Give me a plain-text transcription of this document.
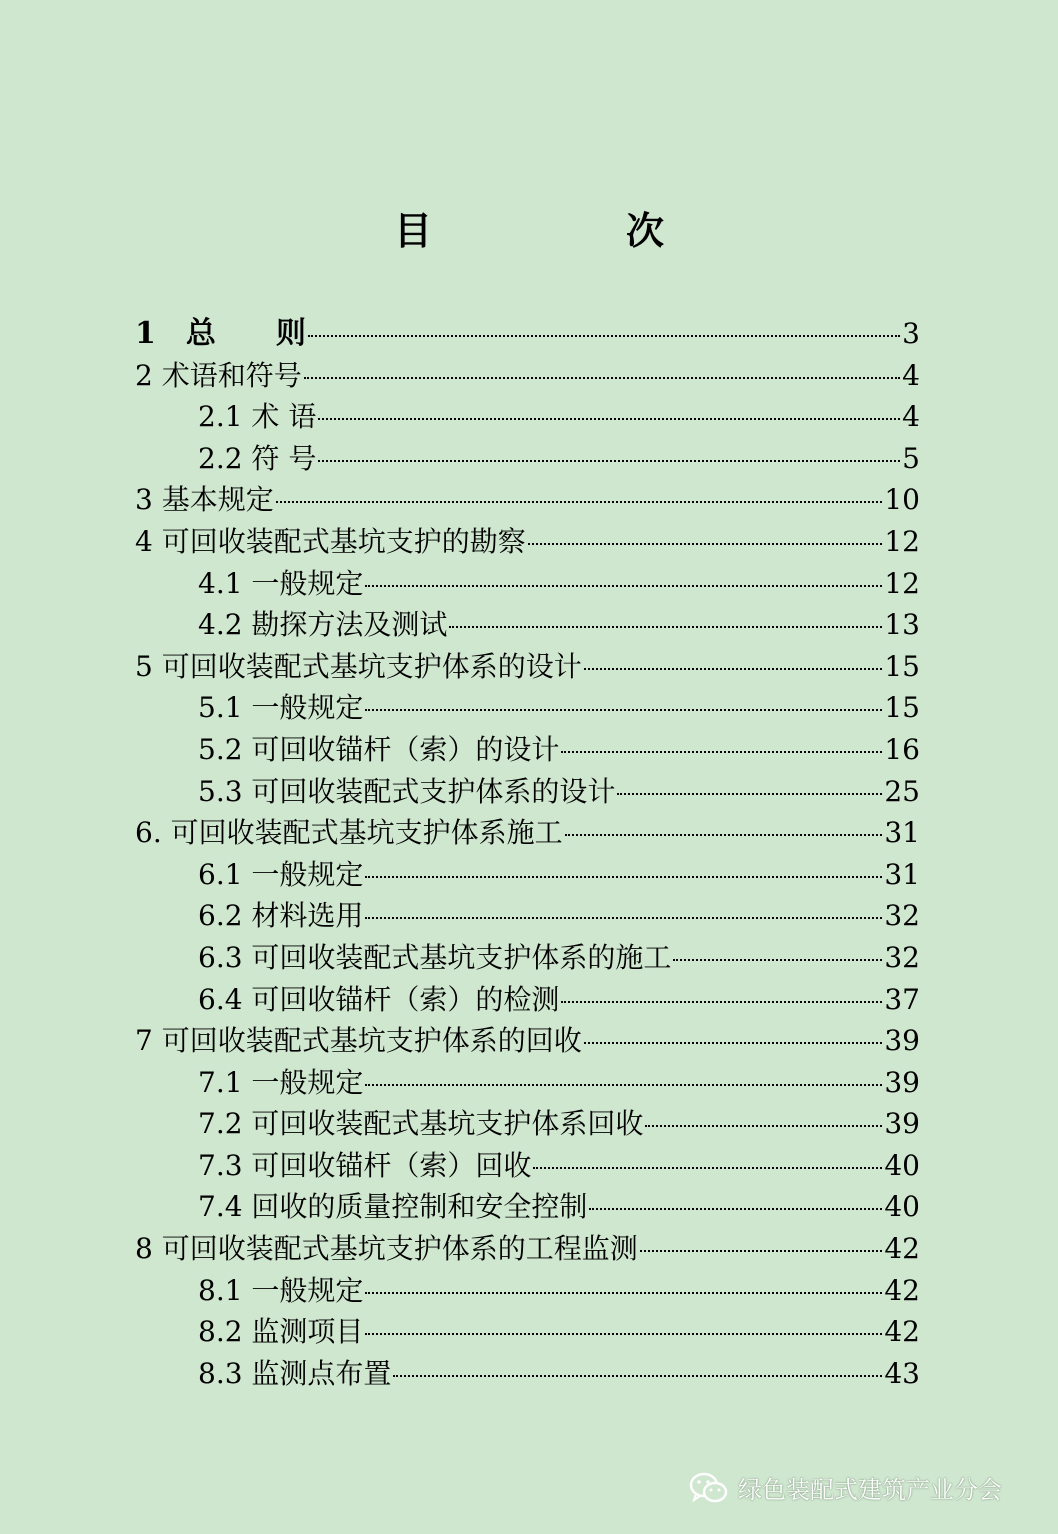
目　次
1　总　　则	3
2 术语和符号	4
2.1 术 语	4
2.2 符 号	5
3 基本规定	10
4 可回收装配式基坑支护的勘察	12
4.1 一般规定	12
4.2 勘探方法及测试	13
5 可回收装配式基坑支护体系的设计	15
5.1 一般规定	15
5.2 可回收锚杆（索）的设计	16
5.3 可回收装配式支护体系的设计	25
6. 可回收装配式基坑支护体系施工	31
6.1 一般规定	31
6.2 材料选用	32
6.3 可回收装配式基坑支护体系的施工	32
6.4 可回收锚杆（索）的检测	37
7 可回收装配式基坑支护体系的回收	39
7.1 一般规定	39
7.2 可回收装配式基坑支护体系回收	39
7.3 可回收锚杆（索）回收	40
7.4 回收的质量控制和安全控制	40
8 可回收装配式基坑支护体系的工程监测	42
8.1 一般规定	42
8.2 监测项目	42
8.3 监测点布置	43
绿色装配式建筑产业分会
